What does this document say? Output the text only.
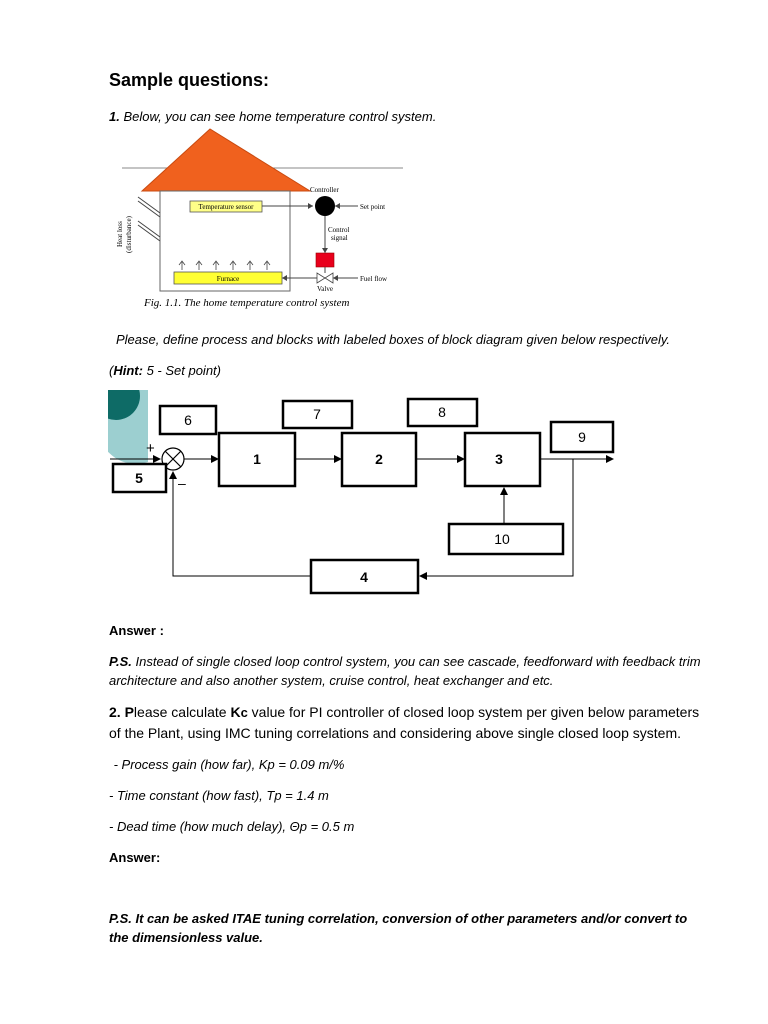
Sample questions:
1. Below, you can see home temperature control system.
Heat loss (disturbance)
Temperature sensor
Controller
Set point
Control
signal
Valve
Fuel flow
Furnace
Fig. 1.1. The home temperature control system
Please, define process and blocks with labeled boxes of block diagram given below respectively.
(Hint: 5 - Set point)
+
–
5
6
1
7
2
8
3
9
10
4
Answer :
P.S. Instead of single closed loop control system, you can see cascade, feedforward with feedback trim architecture and also another system, cruise control, heat exchanger and etc.
2. Please calculate Kc value for PI controller of closed loop system per given below parameters of the Plant, using IMC tuning correlations and considering above single closed loop system.
- Process gain (how far), Kp = 0.09 m/%
- Time constant (how fast), Tp = 1.4 m
- Dead time (how much delay), Θp = 0.5 m
Answer:
P.S. It can be asked ITAE tuning correlation, conversion of other parameters and/or convert to the dimensionless value.
